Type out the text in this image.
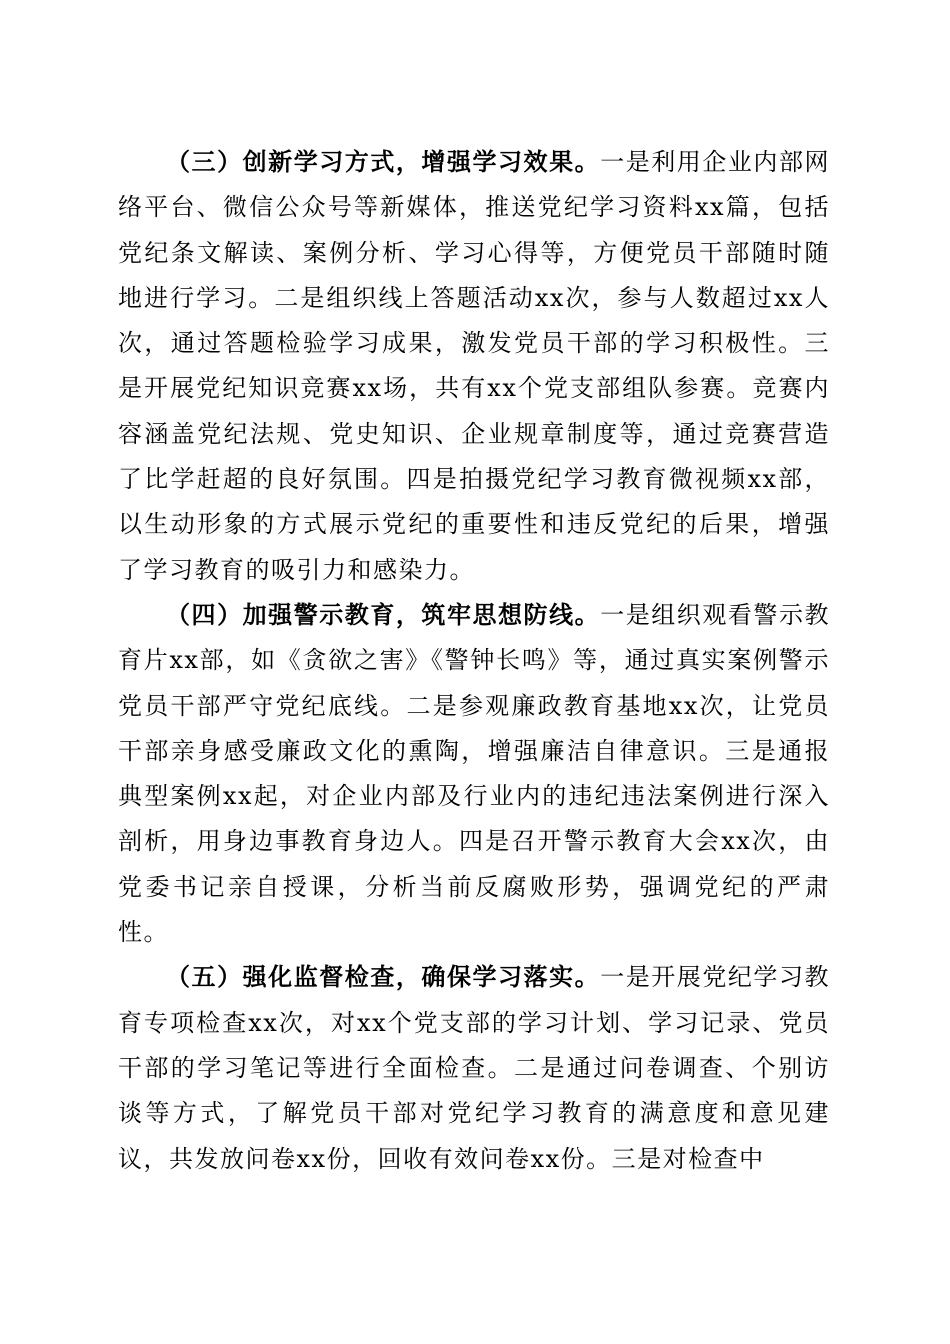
（三）创新学习方式，增强学习效果。一是利用企业内部网络平台、微信公众号等新媒体，推送党纪学习资料xx篇，包括党纪条文解读、案例分析、学习心得等，方便党员干部随时随地进行学习。二是组织线上答题活动xx次，参与人数超过xx人次，通过答题检验学习成果，激发党员干部的学习积极性。三是开展党纪知识竞赛xx场，共有xx个党支部组队参赛。竞赛内容涵盖党纪法规、党史知识、企业规章制度等，通过竞赛营造了比学赶超的良好氛围。四是拍摄党纪学习教育微视频xx部，以生动形象的方式展示党纪的重要性和违反党纪的后果，增强了学习教育的吸引力和感染力。

（四）加强警示教育，筑牢思想防线。一是组织观看警示教育片xx部，如《贪欲之害》《警钟长鸣》等，通过真实案例警示党员干部严守党纪底线。二是参观廉政教育基地xx次，让党员干部亲身感受廉政文化的熏陶，增强廉洁自律意识。三是通报典型案例xx起，对企业内部及行业内的违纪违法案例进行深入剖析，用身边事教育身边人。四是召开警示教育大会xx次，由党委书记亲自授课，分析当前反腐败形势，强调党纪的严肃性。

（五）强化监督检查，确保学习落实。一是开展党纪学习教育专项检查xx次，对xx个党支部的学习计划、学习记录、党员干部的学习笔记等进行全面检查。二是通过问卷调查、个别访谈等方式，了解党员干部对党纪学习教育的满意度和意见建议，共发放问卷xx份，回收有效问卷xx份。三是对检查中
